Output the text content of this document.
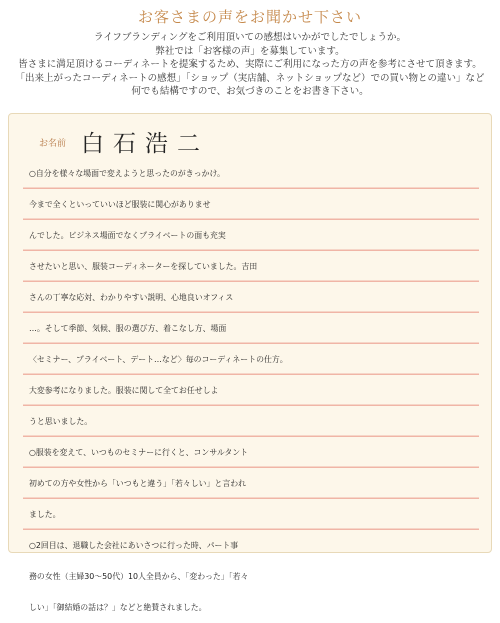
お客さまの声をお聞かせ下さい
ライフブランディングをご利用頂いての感想はいかがでしたでしょうか。
弊社では「お客様の声」を募集しています。
皆さまに満足頂けるコーディネートを提案するため、実際にご利用になった方の声を参考にさせて頂きます。
「出来上がったコーディネートの感想」「ショップ（実店舗、ネットショップなど）での買い物との違い」など
何でも結構ですので、お気づきのことをお書き下さい。
お名前 白石浩二
○自分を様々な場面で変えようと思ったのがきっかけ。
今まで全くといっていいほど服装に関心がありませ
んでした。ビジネス場面でなくプライベートの面も充実
させたいと思い、服装コーディネーターを探していました。吉田
さんの丁寧な応対、わかりやすい説明、心地良いオフィス
…。そして季節、気候、服の選び方、着こなし方、場面
〈セミナー、プライベート、デート…など〉毎のコーディネートの仕方。
大変参考になりました。服装に関して全てお任せしよ
うと思いました。
○服装を変えて、いつものセミナーに行くと、コンサルタント
初めての方や女性から「いつもと違う」「若々しい」と言われ
ました。
○2回目は、退職した会社にあいさつに行った時、パート事
務の女性（主婦30〜50代）10人全員から、「変わった」「若々
しい」「御結婚の話は？」などと絶賛されました。
